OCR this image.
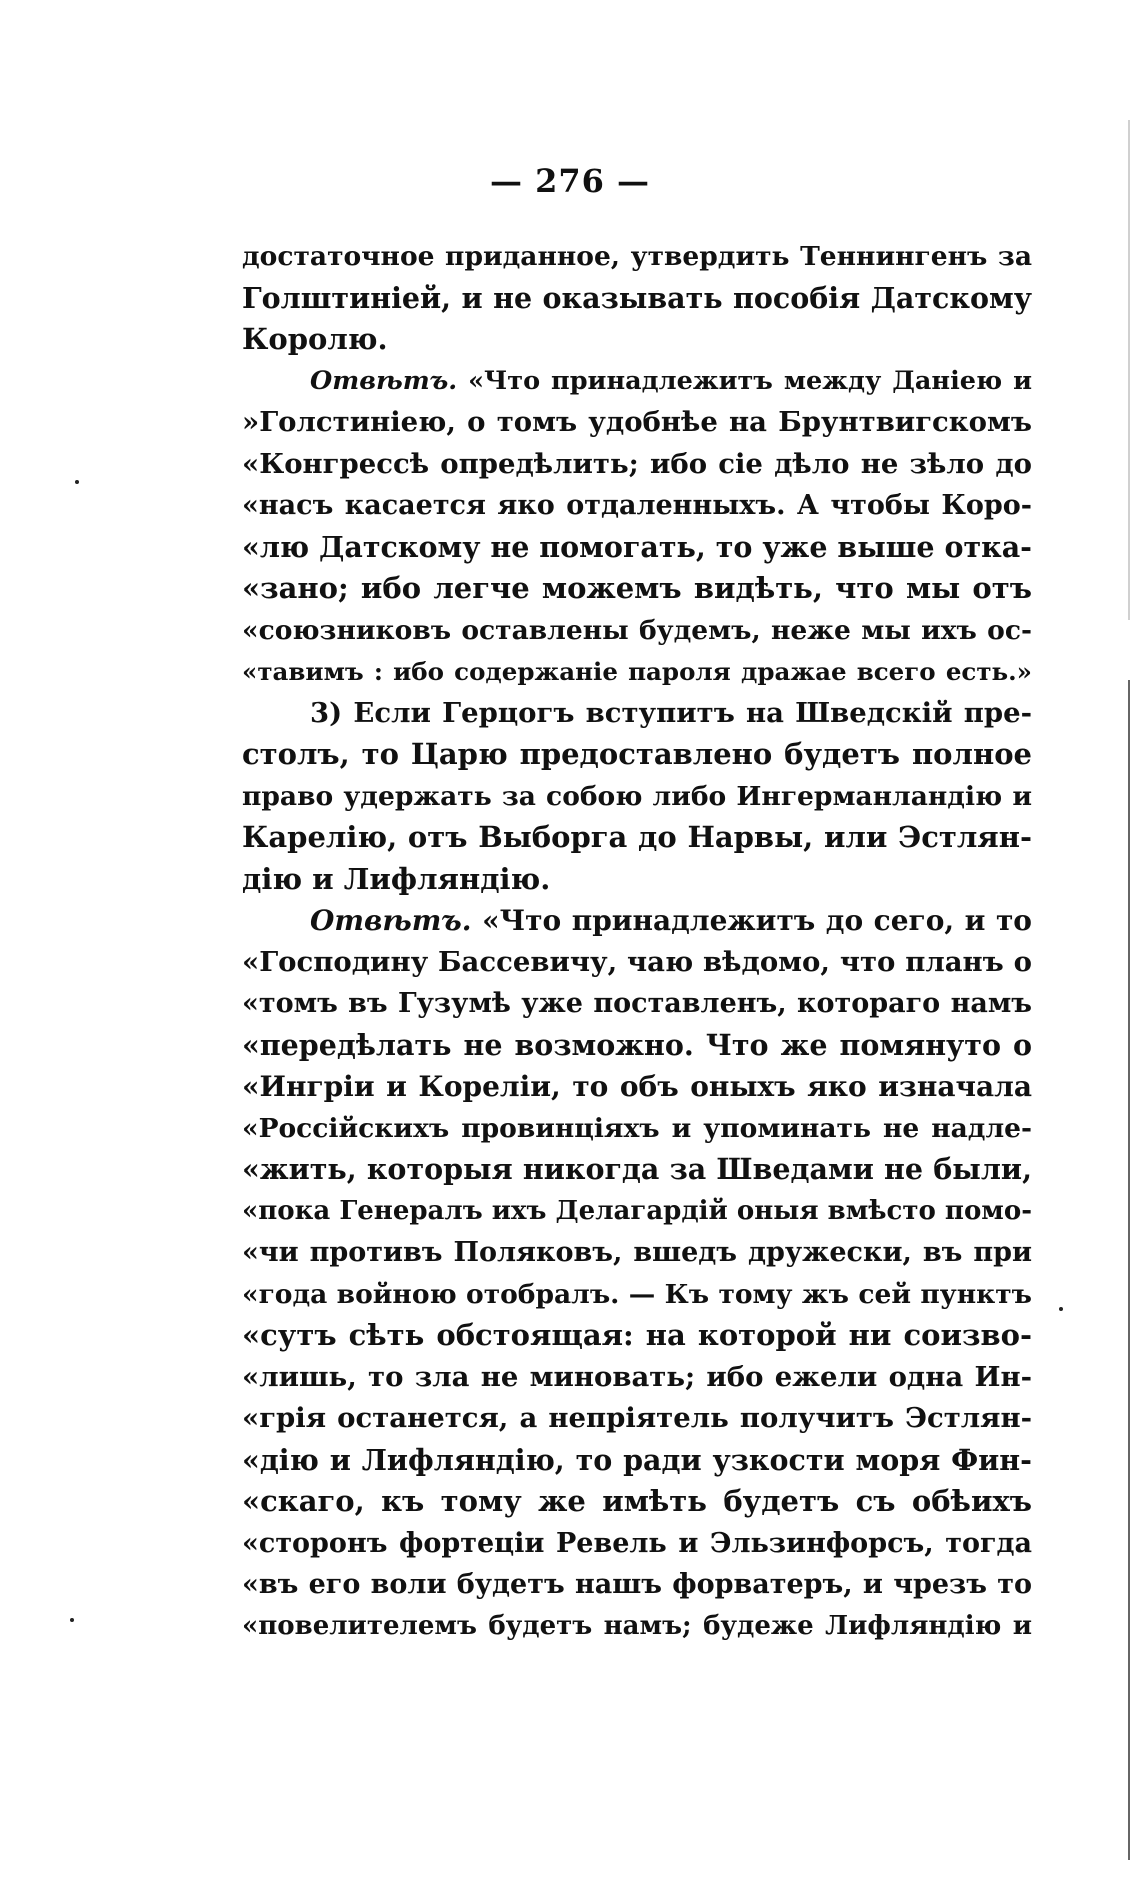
— 276 —
достаточное приданное, утвердить Теннингенъ за
Голштиніей, и не оказывать пособія Датскому
Королю.
Отвѣтъ. «Что принадлежитъ между Даніею и
»Голстиніею, о томъ удобнѣе на Брунтвигскомъ
«Конгрессѣ опредѣлить; ибо сіе дѣло не зѣло до
«насъ касается яко отдаленныхъ. А чтобы Коро-
«лю Датскому не помогать, то уже выше отка-
«зано; ибо легче можемъ видѣть, что мы отъ
«союзниковъ оставлены будемъ, неже мы ихъ ос-
«тавимъ : ибо содержаніе пароля дражае всего есть.»
3) Если Герцогъ вступитъ на Шведскій пре-
столъ, то Царю предоставлено будетъ полное
право удержать за собою либо Ингерманландію и
Карелію, отъ Выборга до Нарвы, или Эстлян-
дію и Лифляндію.
Отвѣтъ. «Что принадлежитъ до сего, и то
«Господину Бассевичу, чаю вѣдомо, что планъ о
«томъ въ Гузумѣ уже поставленъ, котораго намъ
«передѣлать не возможно. Что же помянуто о
«Ингріи и Кореліи, то объ оныхъ яко изначала
«Россійскихъ провинціяхъ и упоминать не надле-
«жить, которыя никогда за Шведами не были,
«пока Генералъ ихъ Делагардій оныя вмѣсто помо-
«чи противъ Поляковъ, вшедъ дружески, въ при
«года войною отобралъ. — Къ тому жъ сей пунктъ
«сутъ сѣть обстоящая: на которой ни соизво-
«лишь, то зла не миновать; ибо ежели одна Ин-
«грія останется, а непріятель получитъ Эстлян-
«дію и Лифляндію, то ради узкости моря Фин-
«скаго, къ тому же имѣть будетъ съ обѣихъ
«сторонъ фортеціи Ревель и Эльзинфорсъ, тогда
«въ его воли будетъ нашъ форватеръ, и чрезъ то
«повелителемъ будетъ намъ; будеже Лифляндію и
